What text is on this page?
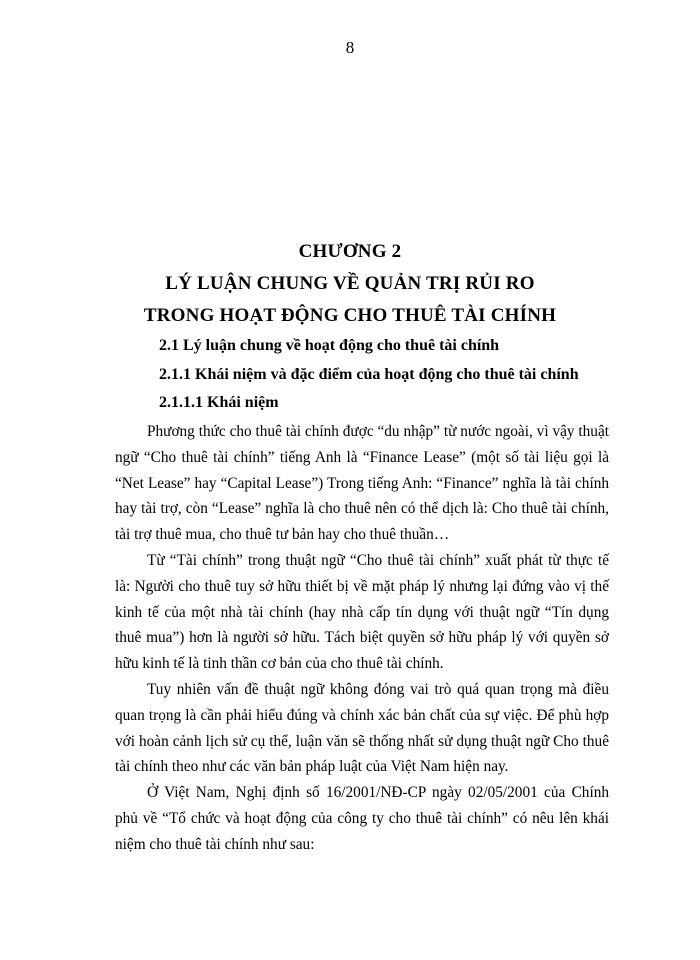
8
CHƯƠNG 2
LÝ LUẬN CHUNG VỀ QUẢN TRỊ RỦI RO
TRONG HOẠT ĐỘNG CHO THUÊ TÀI CHÍNH
2.1 Lý luận chung về hoạt động cho thuê tài chính
2.1.1 Khái niệm và đặc điểm của hoạt động cho thuê tài chính
2.1.1.1 Khái niệm

Phương thức cho thuê tài chính được “du nhập” từ nước ngoài, vì vậy thuật ngữ “Cho thuê tài chính” tiếng Anh là “Finance Lease” (một số tài liệu gọi là “Net Lease” hay “Capital Lease”) Trong tiếng Anh: “Finance” nghĩa là tài chính hay tài trợ, còn “Lease” nghĩa là cho thuê nên có thể dịch là: Cho thuê tài chính, tài trợ thuê mua, cho thuê tư bản hay cho thuê thuần…

Từ “Tài chính” trong thuật ngữ “Cho thuê tài chính” xuất phát từ thực tế là: Người cho thuê tuy sở hữu thiết bị về mặt pháp lý nhưng lại đứng vào vị thế kinh tế của một nhà tài chính (hay nhà cấp tín dụng với thuật ngữ “Tín dụng thuê mua”) hơn là người sở hữu. Tách biệt quyền sở hữu pháp lý với quyền sở hữu kinh tế là tinh thần cơ bản của cho thuê tài chính.

Tuy nhiên vấn đề thuật ngữ không đóng vai trò quá quan trọng mà điều quan trọng là cần phải hiểu đúng và chính xác bản chất của sự việc. Để phù hợp với hoàn cảnh lịch sử cụ thể, luận văn sẽ thống nhất sử dụng thuật ngữ Cho thuê tài chính theo như các văn bản pháp luật của Việt Nam hiện nay.

Ở Việt Nam, Nghị định số 16/2001/NĐ-CP ngày 02/05/2001 của Chính phủ về “Tổ chức và hoạt động của công ty cho thuê tài chính” có nêu lên khái niệm cho thuê tài chính như sau:
